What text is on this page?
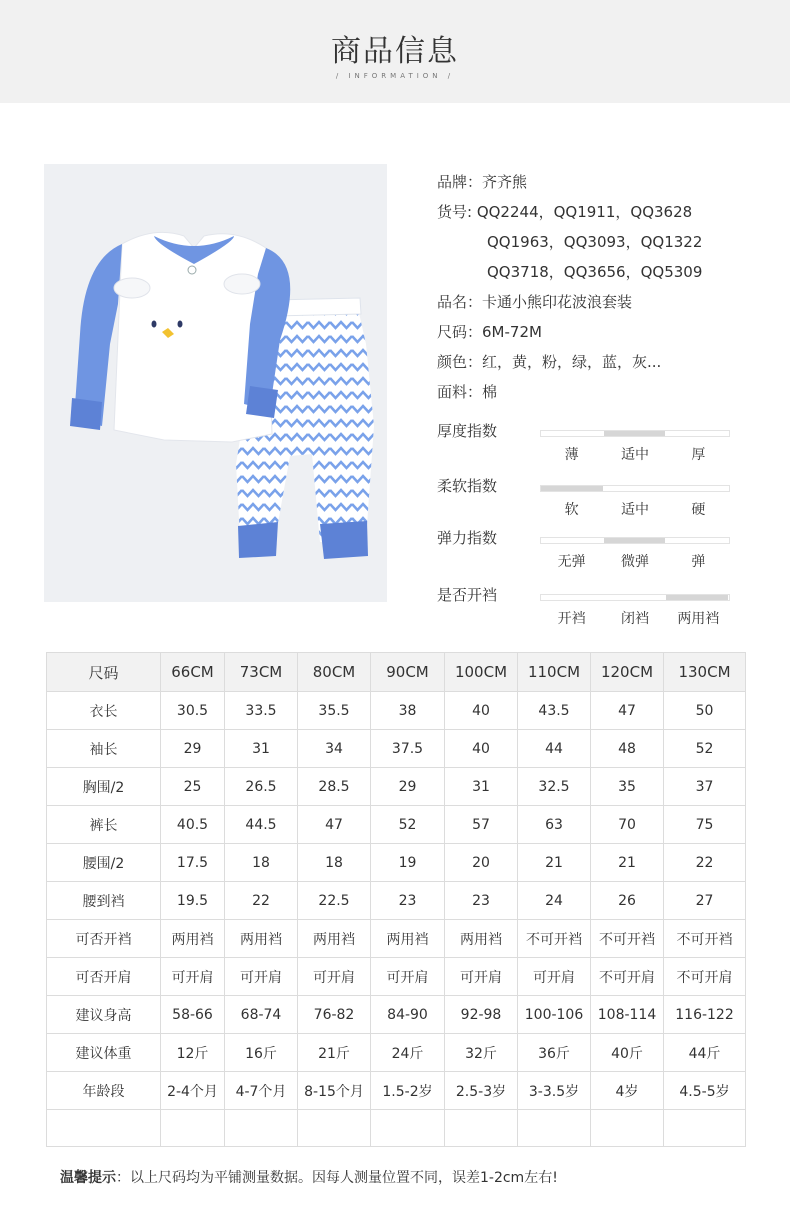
商品信息
/ INFORMATION /
品牌：齐齐熊
货号: QQ2244，QQ1911，QQ3628
QQ1963，QQ3093，QQ1322
QQ3718，QQ3656，QQ5309
品名：卡通小熊印花波浪套装
尺码：6M-72M
颜色：红，黄，粉，绿，蓝，灰...
面料：棉
厚度指数
薄	适中	厚
柔软指数
软	适中	硬
弹力指数
无弹	微弹	弹
是否开裆
开裆	闭裆	两用裆
尺码	66CM	73CM	80CM	90CM	100CM	110CM	120CM	130CM
衣长	30.5	33.5	35.5	38	40	43.5	47	50
袖长	29	31	34	37.5	40	44	48	52
胸围/2	25	26.5	28.5	29	31	32.5	35	37
裤长	40.5	44.5	47	52	57	63	70	75
腰围/2	17.5	18	18	19	20	21	21	22
腰到裆	19.5	22	22.5	23	23	24	26	27
可否开裆	两用裆	两用裆	两用裆	两用裆	两用裆	不可开裆	不可开裆	不可开裆
可否开肩	可开肩	可开肩	可开肩	可开肩	可开肩	可开肩	不可开肩	不可开肩
建议身高	58-66	68-74	76-82	84-90	92-98	100-106	108-114	116-122
建议体重	12斤	16斤	21斤	24斤	32斤	36斤	40斤	44斤
年龄段	2-4个月	4-7个月	8-15个月	1.5-2岁	2.5-3岁	3-3.5岁	4岁	4.5-5岁

温馨提示：以上尺码均为平铺测量数据。因每人测量位置不同，误差1-2cm左右!
